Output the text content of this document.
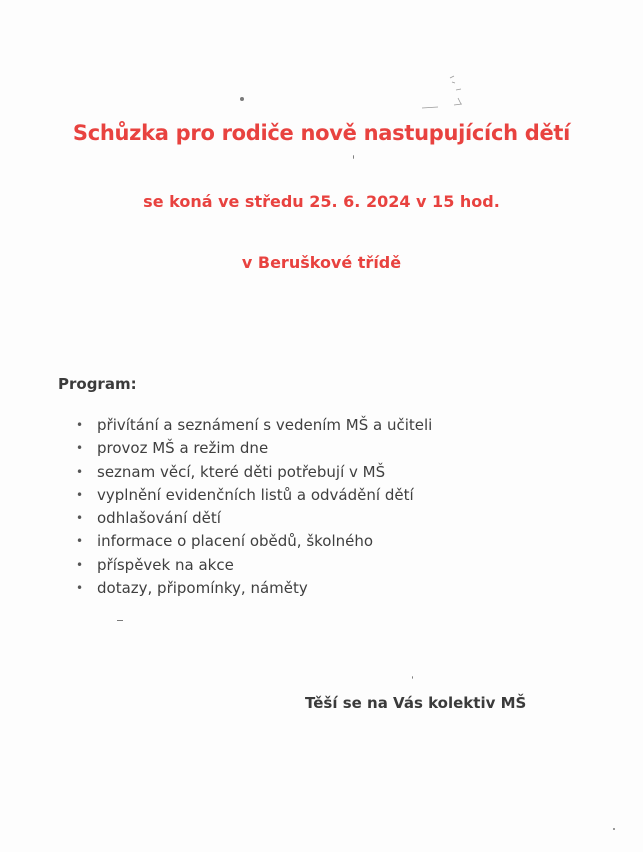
Schůzka pro rodiče nově nastupujících dětí
se koná ve středu 25. 6. 2024 v 15 hod.
v Beruškové třídě
Program:
• přivítání a seznámení s vedením MŠ a učiteli
• provoz MŠ a režim dne
• seznam věcí, které děti potřebují v MŠ
• vyplnění evidenčních listů a odvádění dětí
• odhlašování dětí
• informace o placení obědů, školného
• příspěvek na akce
• dotazy, připomínky, náměty
Těší se na Vás kolektiv MŠ
